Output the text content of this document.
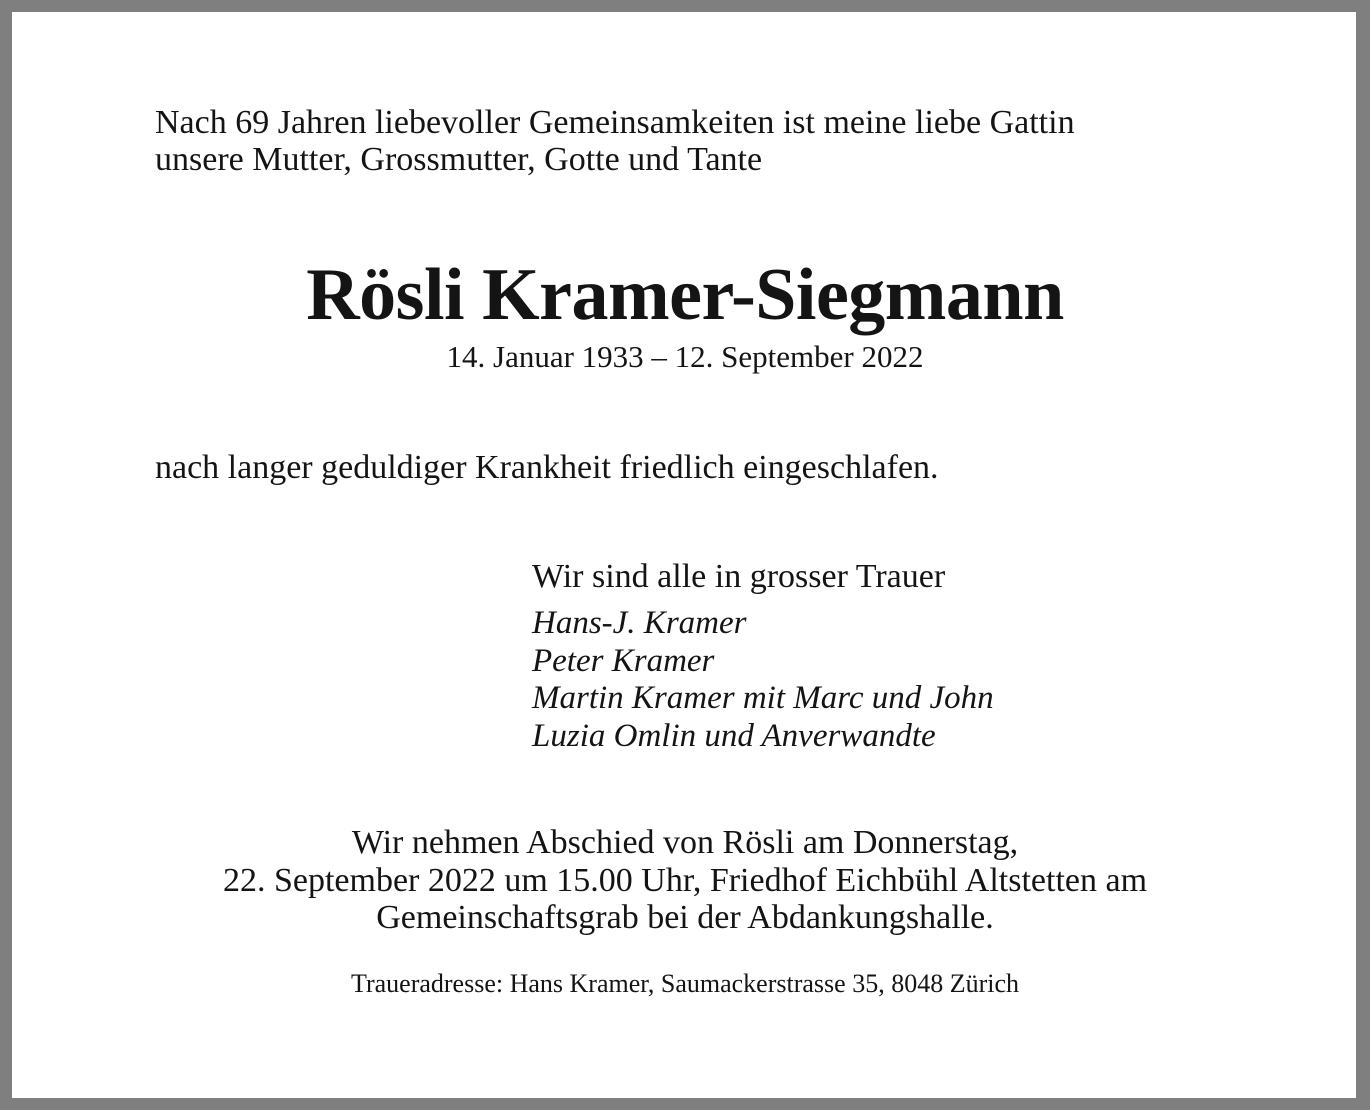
Nach 69 Jahren liebevoller Gemeinsamkeiten ist meine liebe Gattin
unsere Mutter, Grossmutter, Gotte und Tante

Rösli Kramer-Siegmann
14. Januar 1933 – 12. September 2022
nach langer geduldiger Krankheit friedlich eingeschlafen.
Wir sind alle in grosser Trauer
Hans-J. Kramer
Peter Kramer
Martin Kramer mit Marc und John
Luzia Omlin und Anverwandte
Wir nehmen Abschied von Rösli am Donnerstag,
22. September 2022 um 15.00 Uhr, Friedhof Eichbühl Altstetten am
Gemeinschaftsgrab bei der Abdankungshalle.
Traueradresse: Hans Kramer, Saumackerstrasse 35, 8048 Zürich
